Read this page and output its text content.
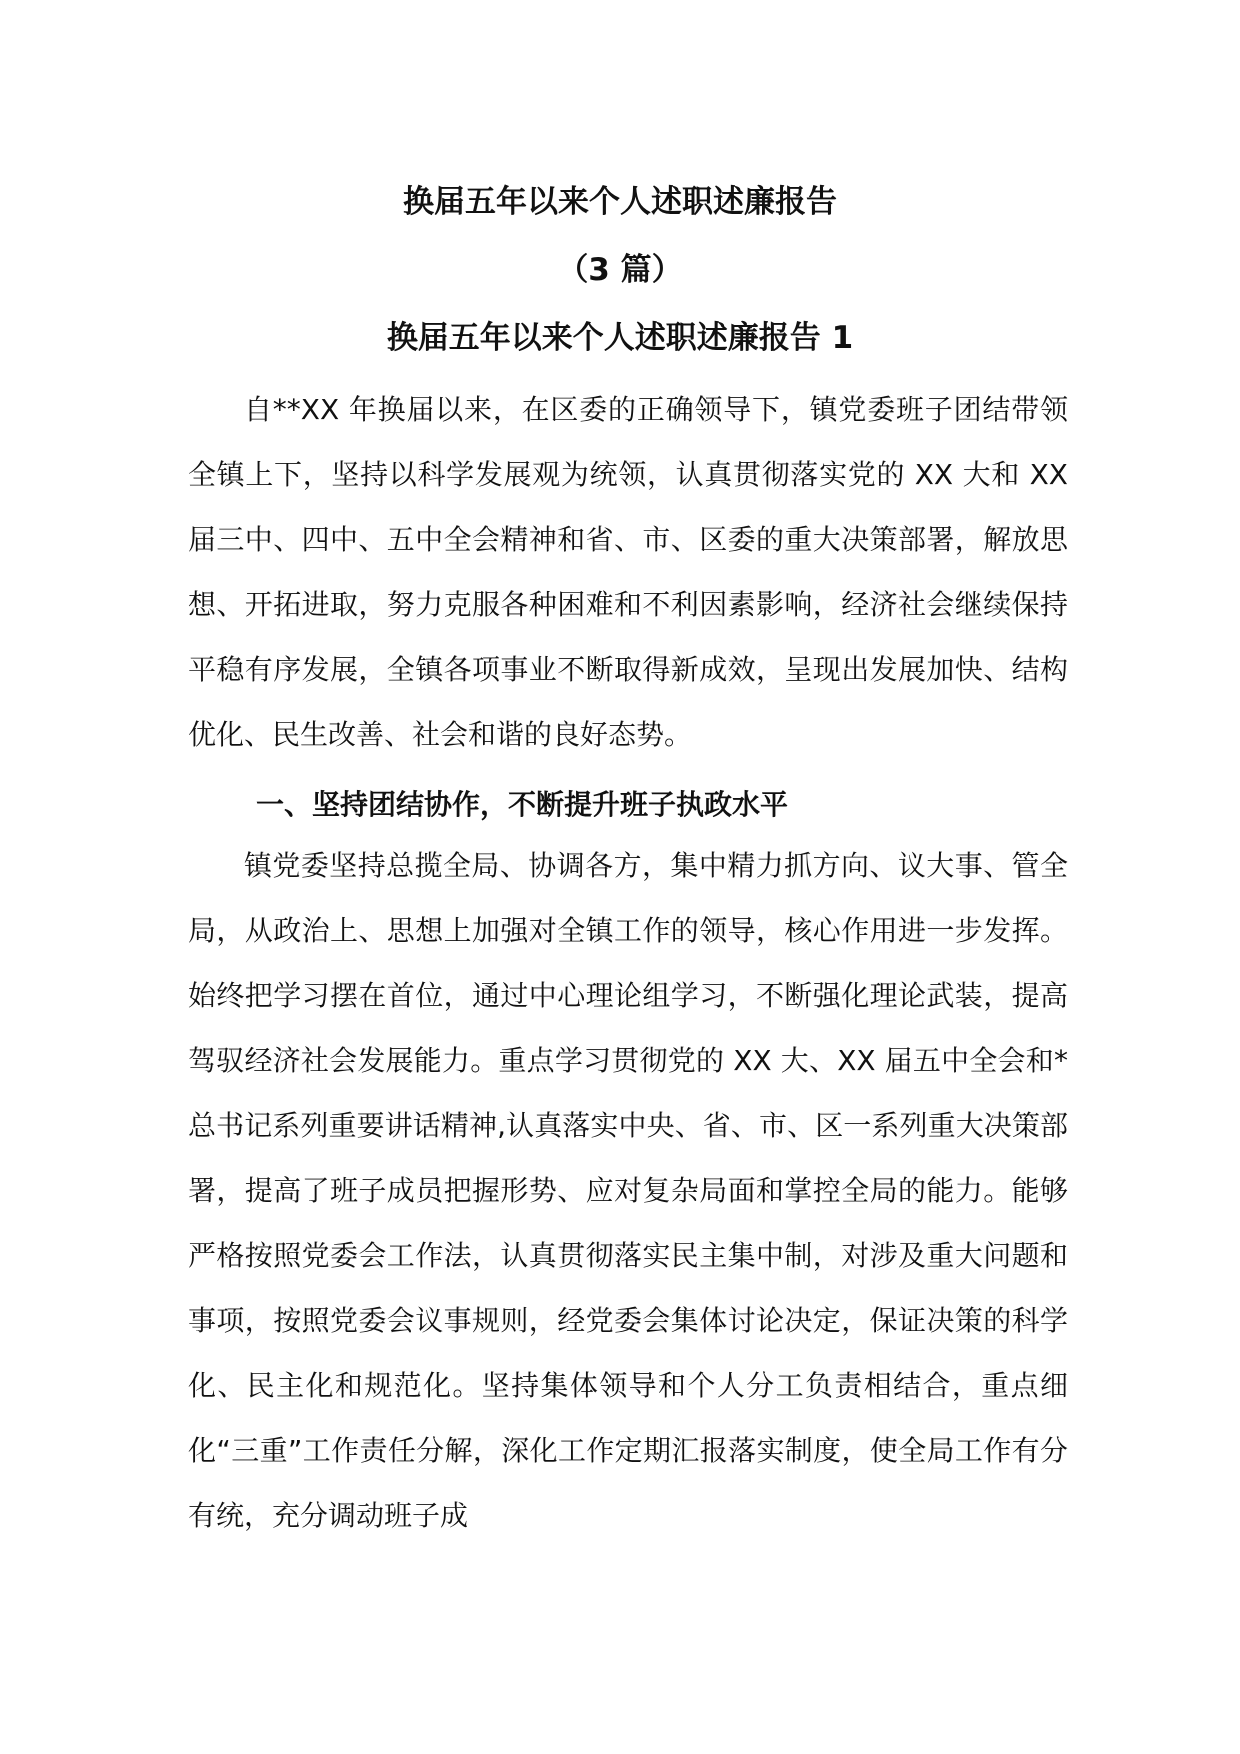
换届五年以来个人述职述廉报告
（3 篇）
换届五年以来个人述职述廉报告 1

自**XX 年换届以来，在区委的正确领导下，镇党委班子团结带领全镇上下，坚持以科学发展观为统领，认真贯彻落实党的 XX 大和 XX 届三中、四中、五中全会精神和省、市、区委的重大决策部署，解放思想、开拓进取，努力克服各种困难和不利因素影响，经济社会继续保持平稳有序发展，全镇各项事业不断取得新成效，呈现出发展加快、结构优化、民生改善、社会和谐的良好态势。

一、坚持团结协作，不断提升班子执政水平

镇党委坚持总揽全局、协调各方，集中精力抓方向、议大事、管全局，从政治上、思想上加强对全镇工作的领导，核心作用进一步发挥。始终把学习摆在首位，通过中心理论组学习，不断强化理论武装，提高驾驭经济社会发展能力。重点学习贯彻党的 XX 大、XX 届五中全会和*总书记系列重要讲话精神,认真落实中央、省、市、区一系列重大决策部署，提高了班子成员把握形势、应对复杂局面和掌控全局的能力。能够严格按照党委会工作法，认真贯彻落实民主集中制，对涉及重大问题和事项，按照党委会议事规则，经党委会集体讨论决定，保证决策的科学化、民主化和规范化。坚持集体领导和个人分工负责相结合，重点细化“三重”工作责任分解，深化工作定期汇报落实制度，使全局工作有分有统，充分调动班子成
